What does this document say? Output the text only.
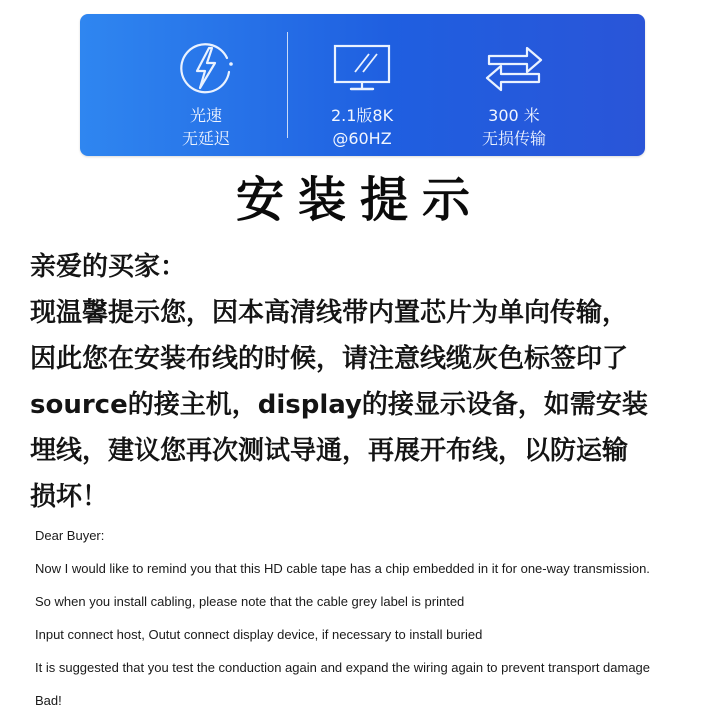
光速
无延迟
2.1版8K
@60HZ
300 米
无损传输
安装提示
亲爱的买家：
现温馨提示您，因本高清线带内置芯片为单向传输，
因此您在安装布线的时候，请注意线缆灰色标签印了
source的接主机，display的接显示设备，如需安装
埋线，建议您再次测试导通，再展开布线，以防运输
损坏！
Dear Buyer:
Now I would like to remind you that this HD cable tape has a chip embedded in it for one-way transmission.
So when you install cabling, please note that the cable grey label is printed
Input connect host, Outut connect display device, if necessary to install buried
It is suggested that you test the conduction again and expand the wiring again to prevent transport damage
Bad!
